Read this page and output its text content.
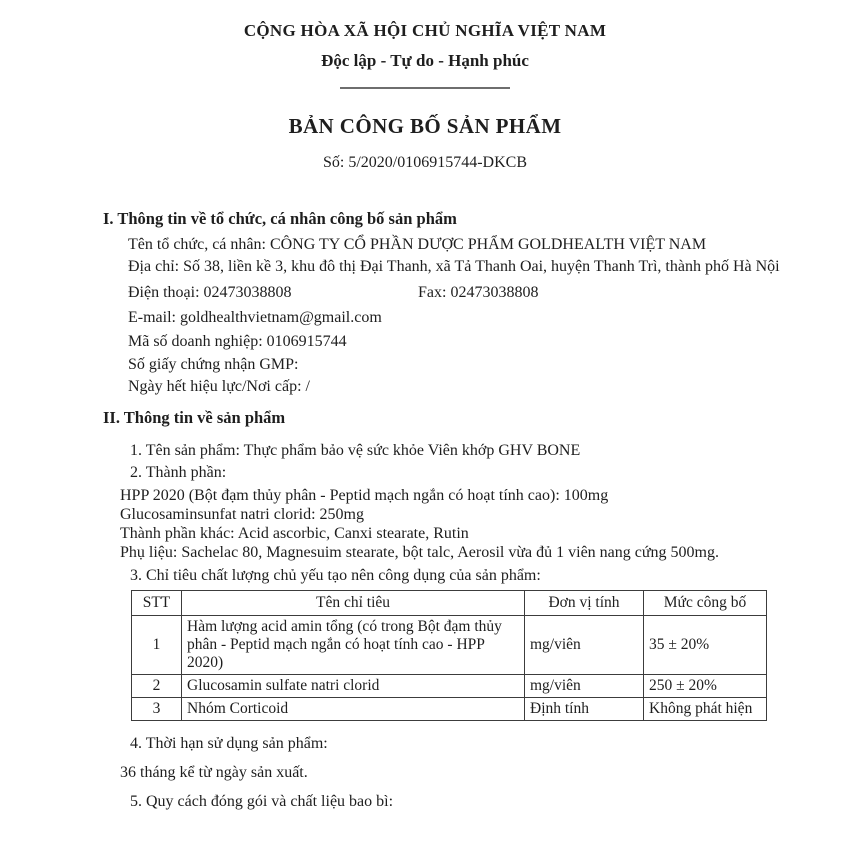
CỘNG HÒA XÃ HỘI CHỦ NGHĨA VIỆT NAM
Độc lập - Tự do - Hạnh phúc
BẢN CÔNG BỐ SẢN PHẨM
Số: 5/2020/0106915744-DKCB
I. Thông tin về tổ chức, cá nhân công bố sản phẩm
Tên tổ chức, cá nhân: CÔNG TY CỔ PHẦN DƯỢC PHẨM GOLDHEALTH VIỆT NAM
Địa chỉ: Số 38, liền kề 3, khu đô thị Đại Thanh, xã Tả Thanh Oai, huyện Thanh Trì, thành phố Hà Nội
Điện thoại: 02473038808	Fax: 02473038808
E-mail: goldhealthvietnam@gmail.com
Mã số doanh nghiệp: 0106915744
Số giấy chứng nhận GMP:
Ngày hết hiệu lực/Nơi cấp: /
II. Thông tin về sản phẩm
1. Tên sản phẩm: Thực phẩm bảo vệ sức khỏe Viên khớp GHV BONE
2. Thành phần:
HPP 2020 (Bột đạm thủy phân - Peptid mạch ngắn có hoạt tính cao): 100mg
Glucosaminsunfat natri clorid: 250mg
Thành phần khác: Acid ascorbic, Canxi stearate, Rutin
Phụ liệu: Sachelac 80, Magnesuim stearate, bột talc, Aerosil vừa đủ 1 viên nang cứng 500mg.
3. Chỉ tiêu chất lượng chủ yếu tạo nên công dụng của sản phẩm:
STT	Tên chỉ tiêu	Đơn vị tính	Mức công bố
1	Hàm lượng acid amin tổng (có trong Bột đạm thủy phân - Peptid mạch ngắn có hoạt tính cao - HPP 2020)	mg/viên	35 ± 20%
2	Glucosamin sulfate natri clorid	mg/viên	250 ± 20%
3	Nhóm Corticoid	Định tính	Không phát hiện
4. Thời hạn sử dụng sản phẩm:
36 tháng kể từ ngày sản xuất.
5. Quy cách đóng gói và chất liệu bao bì:
